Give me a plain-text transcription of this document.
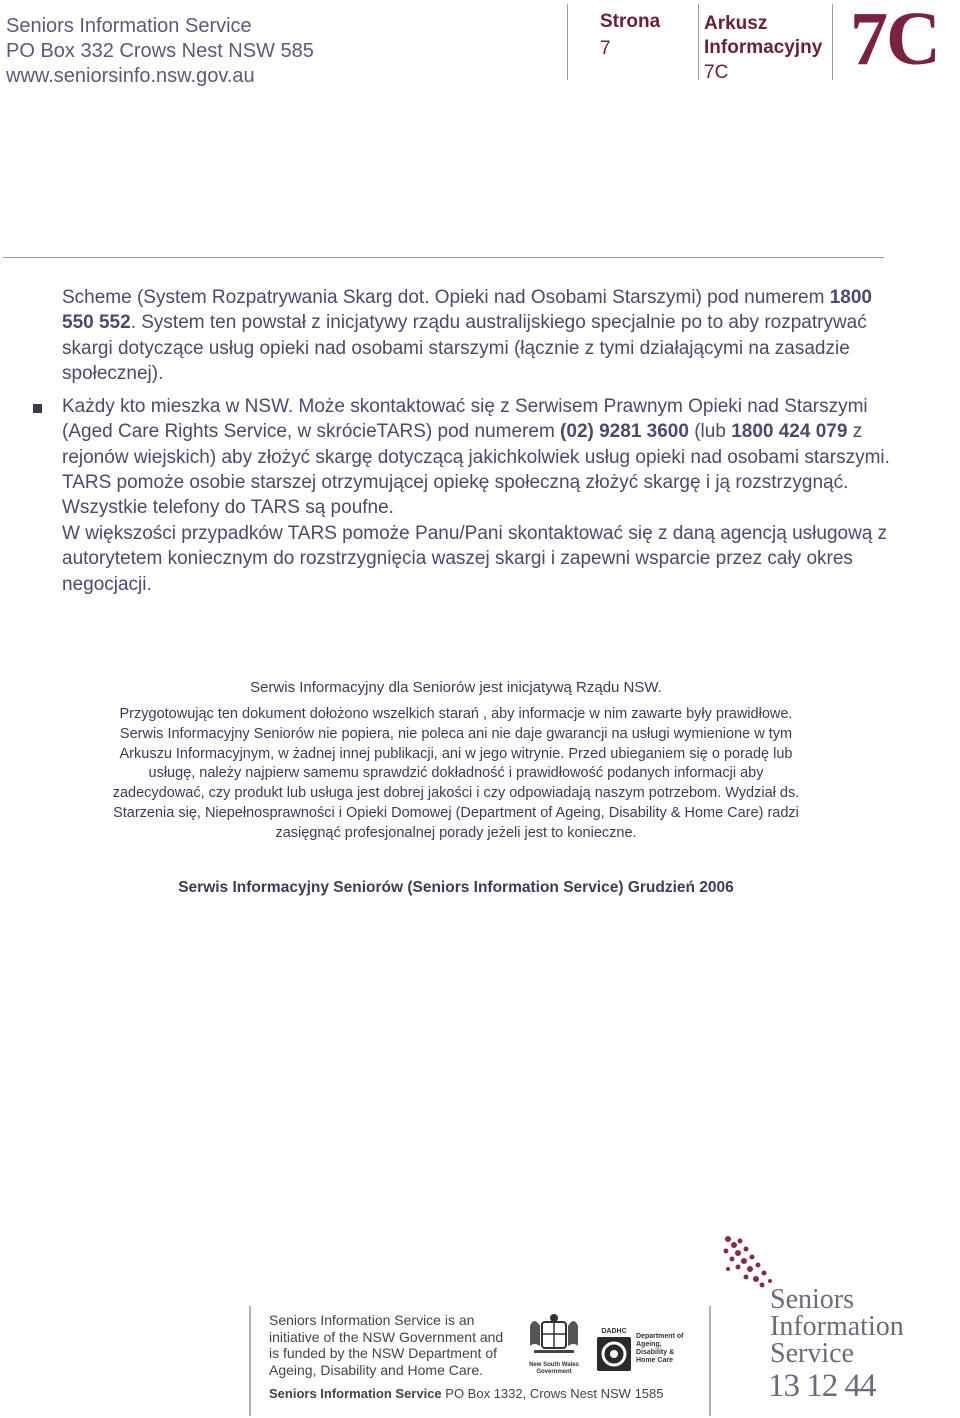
Seniors Information Service
PO Box 332 Crows Nest NSW 585
www.seniorsinfo.nsw.gov.au
Strona
7
Arkusz
Informacyjny
7C 7C
Scheme (System Rozpatrywania Skarg dot. Opieki nad Osobami Starszymi) pod numerem 1800 550 552. System ten powstał z inicjatywy rządu australijskiego specjalnie po to aby rozpatrywać skargi dotyczące usług opieki nad osobami starszymi (łącznie z tymi działającymi na zasadzie społecznej).
Każdy kto mieszka w NSW. Może skontaktować się z Serwisem Prawnym Opieki nad Starszymi (Aged Care Rights Service, w skrócieTARS) pod numerem (02) 9281 3600 (lub 1800 424 079 z rejonów wiejskich) aby złożyć skargę dotyczącą jakichkolwiek usług opieki nad osobami starszymi. TARS pomoże osobie starszej otrzymującej opiekę społeczną złożyć skargę i ją rozstrzygnąć. Wszystkie telefony do TARS są poufne.
W większości przypadków TARS pomoże Panu/Pani skontaktować się z daną agencją usługową z autorytetem koniecznym do rozstrzygnięcia waszej skargi i zapewni wsparcie przez cały okres negocjacji.
Serwis Informacyjny dla Seniorów jest inicjatywą Rządu NSW.
Przygotowując ten dokument dołożono wszelkich starań , aby informacje w nim zawarte były prawidłowe. Serwis Informacyjny Seniorów nie popiera, nie poleca ani nie daje gwarancji na usługi wymienione w tym Arkuszu Informacyjnym, w żadnej innej publikacji, ani w jego witrynie. Przed ubieganiem się o poradę lub usługę, należy najpierw samemu sprawdzić dokładność i prawidłowość podanych informacji aby zadecydować, czy produkt lub usługa jest dobrej jakości i czy odpowiadają naszym potrzebom. Wydział ds. Starzenia się, Niepełnosprawności i Opieki Domowej (Department of Ageing, Disability & Home Care) radzi zasięgnąć profesjonalnej porady jeżeli jest to konieczne.
Serwis Informacyjny Seniorów (Seniors Information Service) Grudzień 2006
Seniors Information Service is an initiative of the NSW Government and is funded by the NSW Department of Ageing, Disability and Home Care.	New South Wales Government
DADHC
Department of Ageing, Disability & Home Care
Seniors Information Service PO Box 1332, Crows Nest NSW 1585
Seniors
Information
Service
13 12 44
